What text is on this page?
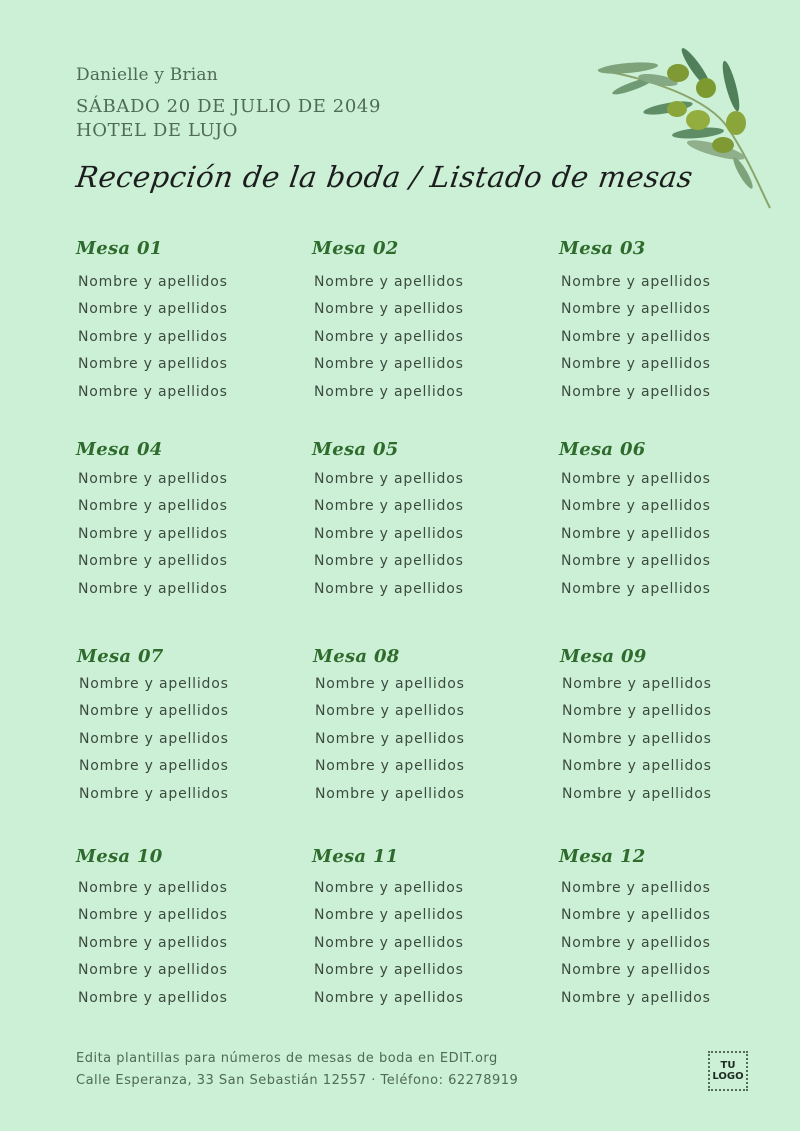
Danielle y Brian
SÁBADO 20 DE JULIO DE 2049
HOTEL DE LUJO
Recepción de la boda / Listado de mesas
Mesa 01
Nombre y apellidos
Nombre y apellidos
Nombre y apellidos
Nombre y apellidos
Nombre y apellidos
Mesa 02
Nombre y apellidos
Nombre y apellidos
Nombre y apellidos
Nombre y apellidos
Nombre y apellidos
Mesa 03
Nombre y apellidos
Nombre y apellidos
Nombre y apellidos
Nombre y apellidos
Nombre y apellidos
Mesa 04
Nombre y apellidos
Nombre y apellidos
Nombre y apellidos
Nombre y apellidos
Nombre y apellidos
Mesa 05
Nombre y apellidos
Nombre y apellidos
Nombre y apellidos
Nombre y apellidos
Nombre y apellidos
Mesa 06
Nombre y apellidos
Nombre y apellidos
Nombre y apellidos
Nombre y apellidos
Nombre y apellidos
Mesa 07
Nombre y apellidos
Nombre y apellidos
Nombre y apellidos
Nombre y apellidos
Nombre y apellidos
Mesa 08
Nombre y apellidos
Nombre y apellidos
Nombre y apellidos
Nombre y apellidos
Nombre y apellidos
Mesa 09
Nombre y apellidos
Nombre y apellidos
Nombre y apellidos
Nombre y apellidos
Nombre y apellidos
Mesa 10
Nombre y apellidos
Nombre y apellidos
Nombre y apellidos
Nombre y apellidos
Nombre y apellidos
Mesa 11
Nombre y apellidos
Nombre y apellidos
Nombre y apellidos
Nombre y apellidos
Nombre y apellidos
Mesa 12
Nombre y apellidos
Nombre y apellidos
Nombre y apellidos
Nombre y apellidos
Nombre y apellidos
Edita plantillas para números de mesas de boda en EDIT.org
Calle Esperanza, 33 San Sebastián 12557 · Teléfono: 62278919
TU
LOGO
